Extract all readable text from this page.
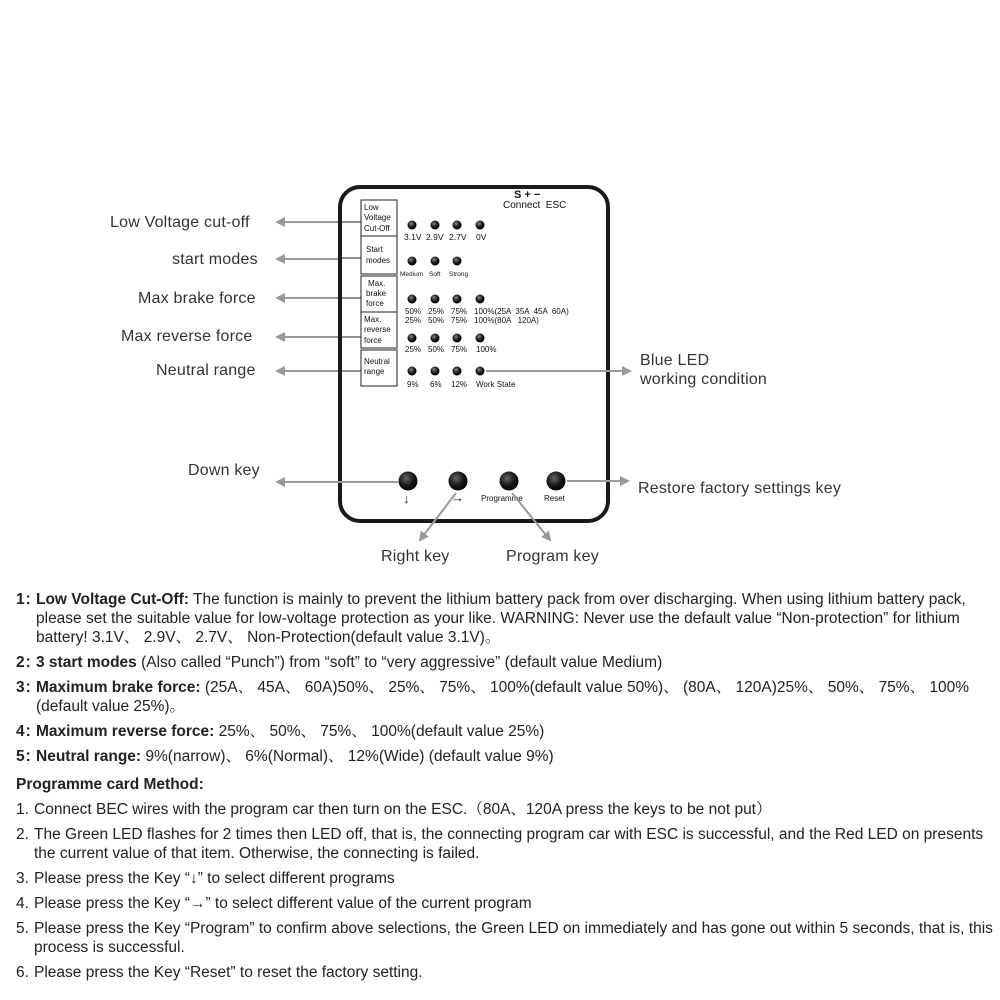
S + −
Connect  ESC
Low
Voltage
Cut-Off
Start
modes
Max.
brake
force
Max.
reverse
force
Neutral
range
3.1V 2.9V 2.7V 0V
Medium Soft Strong
50% 25% 75% 100%(25A  35A  45A  60A)
25% 50% 75% 100%(80A   120A)
25% 50% 75% 100%
9% 6% 12% Work State
↓	→ Programme	Reset
Low Voltage cut-off
start modes
Max brake force
Max reverse force
Neutral range
Blue LED
working condition
Down key
Restore factory settings key
Right key	Program key
1：
Low Voltage Cut-Off: The function is mainly to prevent the lithium battery pack from over discharging. When using lithium battery pack, please set the suitable value for low-voltage protection as your like. WARNING: Never use the default value “Non-protection” for lithium battery! 3.1V、 2.9V、 2.7V、 Non-Protection(default value 3.1V)。
2：
3 start modes (Also called “Punch”) from “soft” to “very aggressive” (default value Medium)
3：
Maximum brake force: (25A、 45A、 60A)50%、 25%、 75%、 100%(default value 50%)、 (80A、 120A)25%、 50%、 75%、 100%(default value 25%)。
4：
Maximum reverse force: 25%、 50%、 75%、 100%(default value 25%)
5：
Neutral range: 9%(narrow)、 6%(Normal)、 12%(Wide) (default value 9%)
Programme card Method:
1. Connect BEC wires with the program car then turn on the ESC.（80A、120A press the keys to be not put）
2. The Green LED flashes for 2 times then LED off, that is, the connecting program car with ESC is successful, and the Red LED on presents the current value of that item. Otherwise, the connecting is failed.
3. Please press the Key “↓” to select different programs
4. Please press the Key “→” to select different value of the current program
5. Please press the Key “Program” to confirm above selections, the Green LED on immediately and has gone out within 5 seconds, that is, this process is successful.
6. Please press the Key “Reset” to reset the factory setting.
